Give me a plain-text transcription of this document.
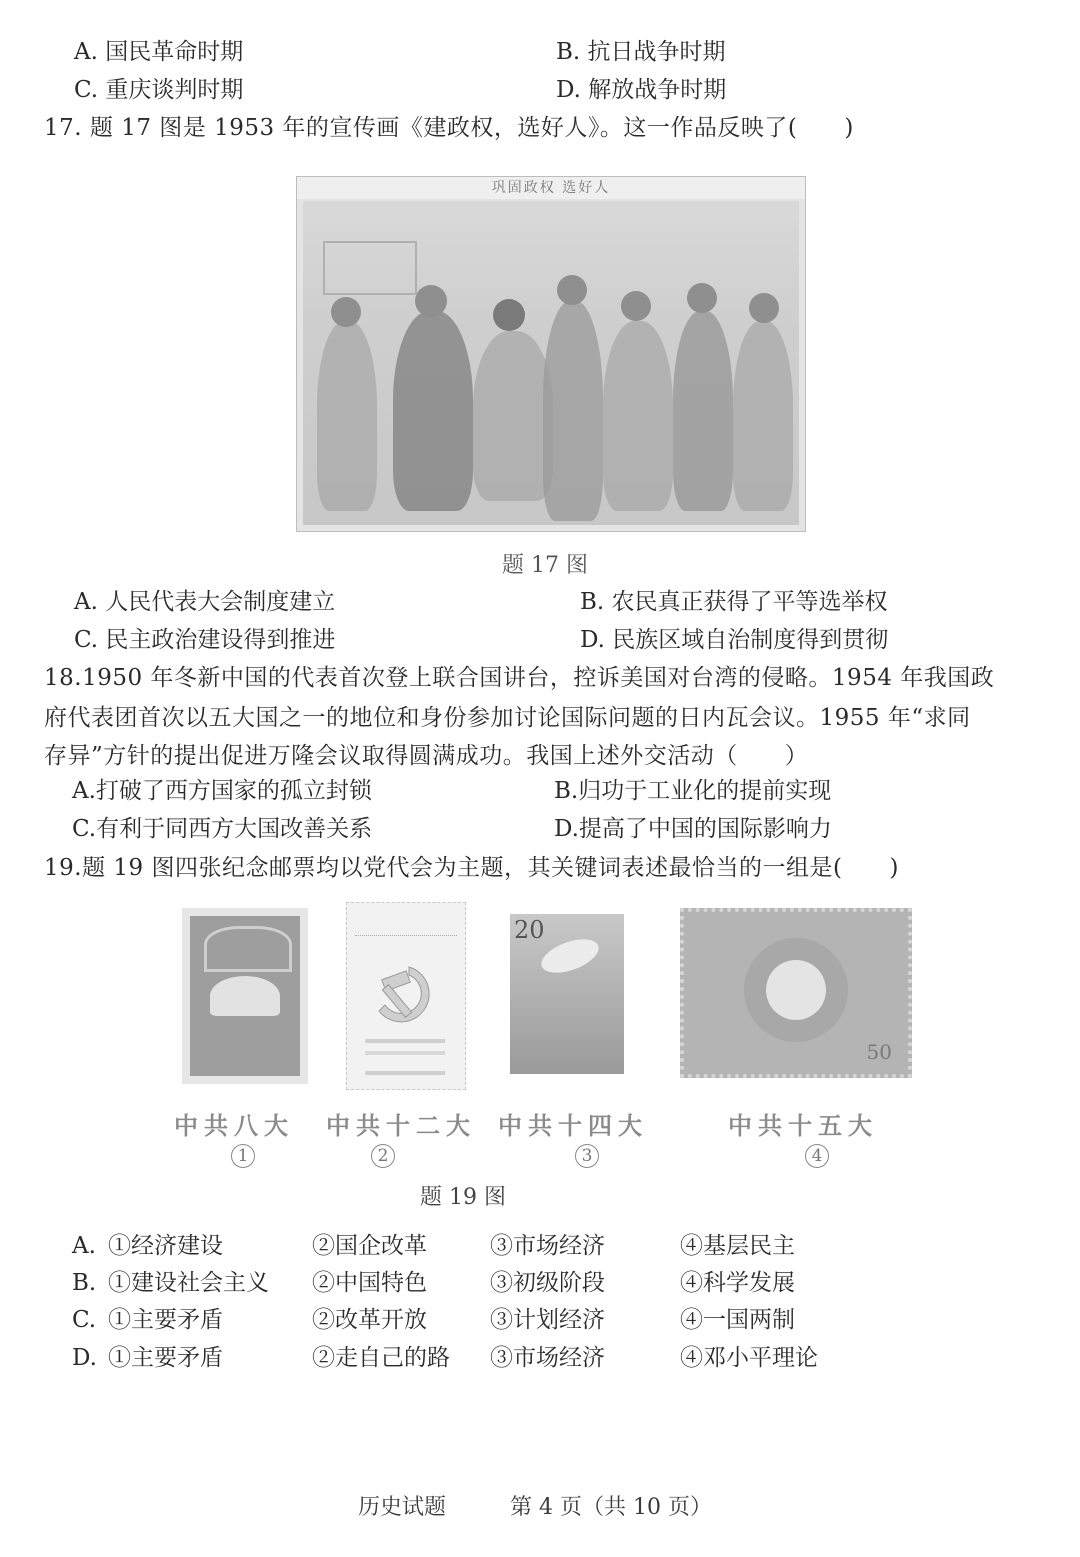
A. 国民革命时期	B. 抗日战争时期
C. 重庆谈判时期	D. 解放战争时期
17. 题 17 图是 1953 年的宣传画《建政权，选好人》。这一作品反映了(　　)
巩固政权 选好人
题 17 图
A. 人民代表大会制度建立	B. 农民真正获得了平等选举权
C. 民主政治建设得到推进	D. 民族区域自治制度得到贯彻
18.1950 年冬新中国的代表首次登上联合国讲台，控诉美国对台湾的侵略。1954 年我国政
府代表团首次以五大国之一的地位和身份参加讨论国际问题的日内瓦会议。1955 年“求同
存异”方针的提出促进万隆会议取得圆满成功。我国上述外交活动（　　）
A.打破了西方国家的孤立封锁	B.归功于工业化的提前实现
C.有利于同西方大国改善关系	D.提高了中国的国际影响力
19.题 19 图四张纪念邮票均以党代会为主题，其关键词表述最恰当的一组是(　　)
20
50
中共八大 中共十二大 中共十四大	中共十五大
1	2	3	4
题 19 图
A. ①经济建设	②国企改革	③市场经济	④基层民主
B. ①建设社会主义 ②中国特色	③初级阶段	④科学发展
C. ①主要矛盾	②改革开放	③计划经济	④一国两制
D. ①主要矛盾	②走自己的路 ③市场经济	④邓小平理论
历史试题	第 4 页（共 10 页）
